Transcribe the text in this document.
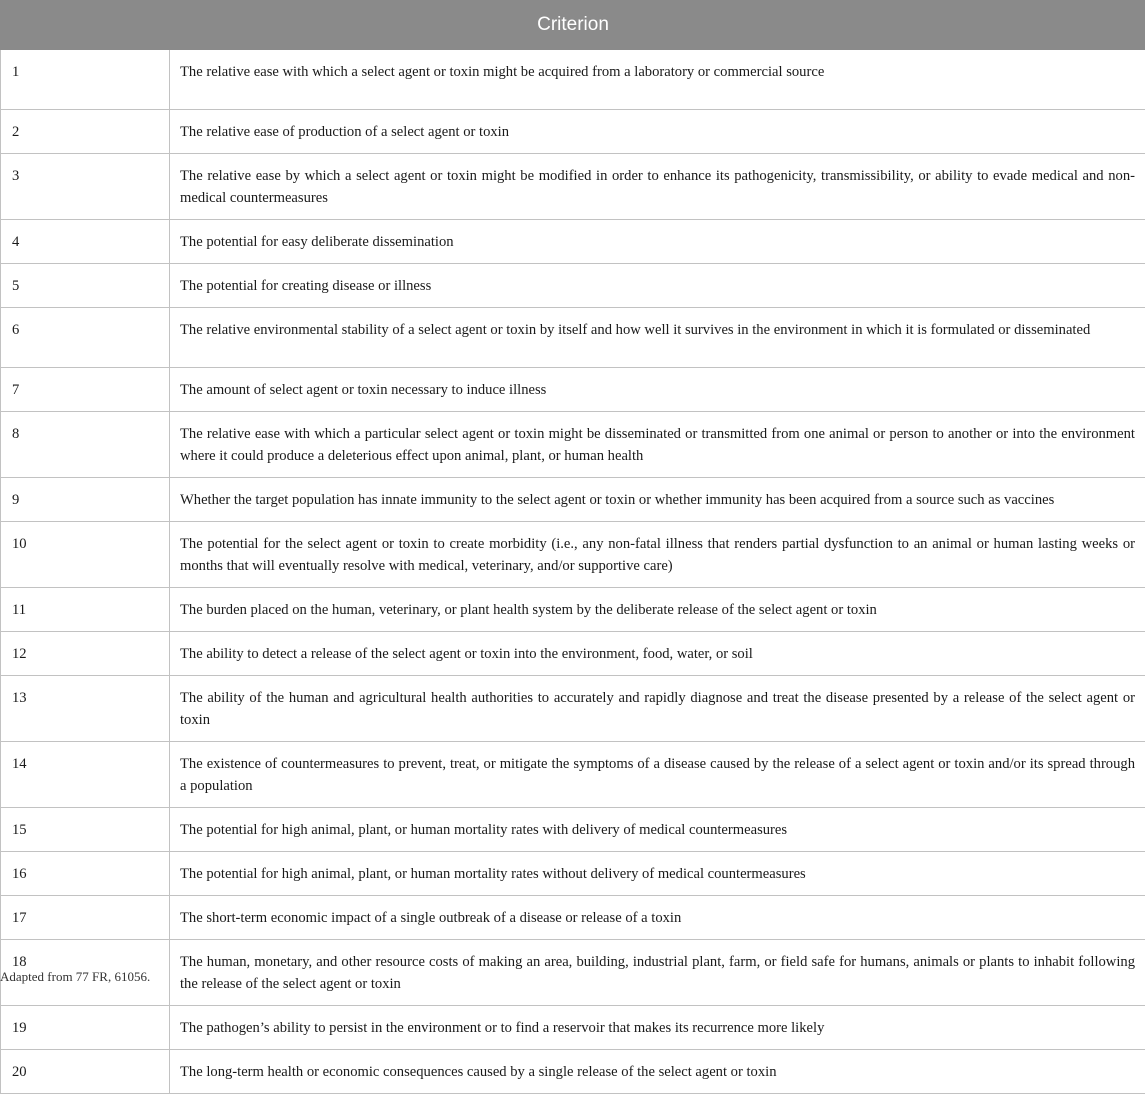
Criterion	
1	The relative ease with which a select agent or toxin might be acquired from a laboratory or commercial source
2	The relative ease of production of a select agent or toxin
3	The relative ease by which a select agent or toxin might be modified in order to enhance its pathogenicity, transmissibility, or ability to evade medical and non-medical countermeasures
4	The potential for easy deliberate dissemination
5	The potential for creating disease or illness
6	The relative environmental stability of a select agent or toxin by itself and how well it survives in the environment in which it is formulated or disseminated
7	The amount of select agent or toxin necessary to induce illness
8	The relative ease with which a particular select agent or toxin might be disseminated or transmitted from one animal or person to another or into the environment where it could produce a deleterious effect upon animal, plant, or human health
9	Whether the target population has innate immunity to the select agent or toxin or whether immunity has been acquired from a source such as vaccines
10	The potential for the select agent or toxin to create morbidity (i.e., any non-fatal illness that renders partial dysfunction to an animal or human lasting weeks or months that will eventually resolve with medical, veterinary, and/or supportive care)
11	The burden placed on the human, veterinary, or plant health system by the deliberate release of the select agent or toxin
12	The ability to detect a release of the select agent or toxin into the environment, food, water, or soil
13	The ability of the human and agricultural health authorities to accurately and rapidly diagnose and treat the disease presented by a release of the select agent or toxin
14	The existence of countermeasures to prevent, treat, or mitigate the symptoms of a disease caused by the release of a select agent or toxin and/or its spread through a population
15	The potential for high animal, plant, or human mortality rates with delivery of medical countermeasures
16	The potential for high animal, plant, or human mortality rates without delivery of medical countermeasures
17	The short-term economic impact of a single outbreak of a disease or release of a toxin
18	The human, monetary, and other resource costs of making an area, building, industrial plant, farm, or field safe for humans, animals or plants to inhabit following the release of the select agent or toxin
19	The pathogen’s ability to persist in the environment or to find a reservoir that makes its recurrence more likely
20	The long-term health or economic consequences caused by a single release of the select agent or toxin
Adapted from 77 FR, 61056.
